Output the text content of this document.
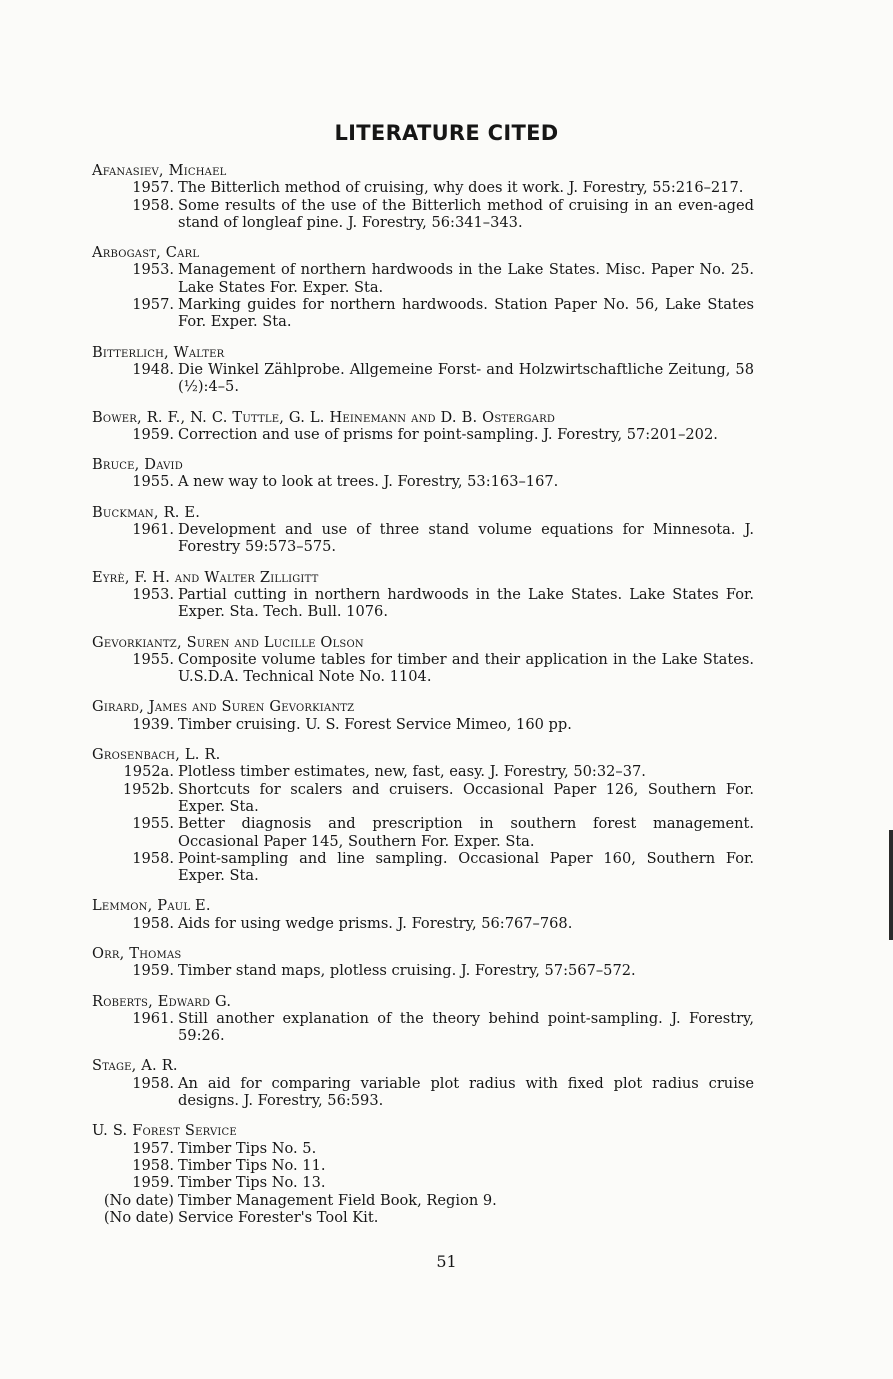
LITERATURE CITED
Afanasiev, Michael
1957. The Bitterlich method of cruising, why does it work. J. Forestry, 55:216–217.
1958. Some results of the use of the Bitterlich method of cruising in an even-aged stand of longleaf pine. J. Forestry, 56:341–343.
Arbogast, Carl
1953. Management of northern hardwoods in the Lake States. Misc. Paper No. 25. Lake States For. Exper. Sta.
1957. Marking guides for northern hardwoods. Station Paper No. 56, Lake States For. Exper. Sta.
Bitterlich, Walter
1948. Die Winkel Zählprobe. Allgemeine Forst- and Holzwirtschaftliche Zeitung, 58 (½):4–5.
Bower, R. F., N. C. Tuttle, G. L. Heinemann and D. B. Ostergard
1959. Correction and use of prisms for point-sampling. J. Forestry, 57:201–202.
Bruce, David
1955. A new way to look at trees. J. Forestry, 53:163–167.
Buckman, R. E.
1961. Development and use of three stand volume equations for Minnesota. J. Forestry 59:573–575.
Eyrè, F. H. and Walter Zilligitt
1953. Partial cutting in northern hardwoods in the Lake States. Lake States For. Exper. Sta. Tech. Bull. 1076.
Gevorkiantz, Suren and Lucille Olson
1955. Composite volume tables for timber and their application in the Lake States. U.S.D.A. Technical Note No. 1104.
Girard, James and Suren Gevorkiantz
1939. Timber cruising. U. S. Forest Service Mimeo, 160 pp.
Grosenbach, L. R.
1952a. Plotless timber estimates, new, fast, easy. J. Forestry, 50:32–37.
1952b. Shortcuts for scalers and cruisers. Occasional Paper 126, Southern For. Exper. Sta.
1955. Better diagnosis and prescription in southern forest management. Occasional Paper 145, Southern For. Exper. Sta.
1958. Point-sampling and line sampling. Occasional Paper 160, Southern For. Exper. Sta.
Lemmon, Paul E.
1958. Aids for using wedge prisms. J. Forestry, 56:767–768.
Orr, Thomas
1959. Timber stand maps, plotless cruising. J. Forestry, 57:567–572.
Roberts, Edward G.
1961. Still another explanation of the theory behind point-sampling. J. Forestry, 59:26.
Stage, A. R.
1958. An aid for comparing variable plot radius with fixed plot radius cruise designs. J. Forestry, 56:593.
U. S. Forest Service
1957. Timber Tips No. 5.
1958. Timber Tips No. 11.
1959. Timber Tips No. 13.
(No date) Timber Management Field Book, Region 9.
(No date) Service Forester's Tool Kit.
51
